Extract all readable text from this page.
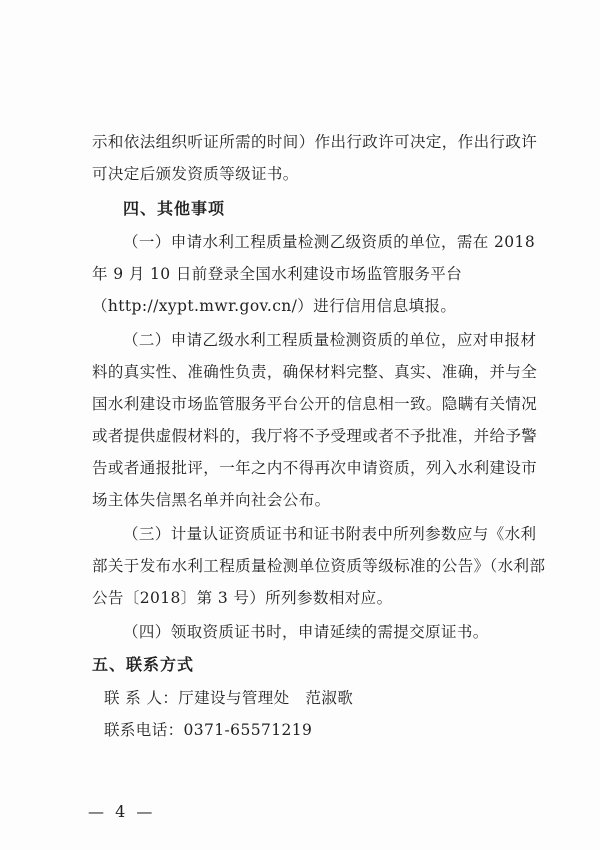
示和依法组织听证所需的时间）作出行政许可决定，作出行政许
可决定后颁发资质等级证书。
四、其他事项
（一）申请水利工程质量检测乙级资质的单位，需在 2018
年 9 月 10 日前登录全国水利建设市场监管服务平台
（http://xypt.mwr.gov.cn/）进行信用信息填报。
（二）申请乙级水利工程质量检测资质的单位，应对申报材
料的真实性、准确性负责，确保材料完整、真实、准确，并与全
国水利建设市场监管服务平台公开的信息相一致。隐瞒有关情况
或者提供虚假材料的，我厅将不予受理或者不予批准，并给予警
告或者通报批评，一年之内不得再次申请资质，列入水利建设市
场主体失信黑名单并向社会公布。
（三）计量认证资质证书和证书附表中所列参数应与《水利
部关于发布水利工程质量检测单位资质等级标准的公告》（水利部
公告〔2018〕第 3 号）所列参数相对应。
（四）领取资质证书时，申请延续的需提交原证书。
五、联系方式
联 系 人：厅建设与管理处　范淑歌
联系电话：0371-65571219
— 4 —
